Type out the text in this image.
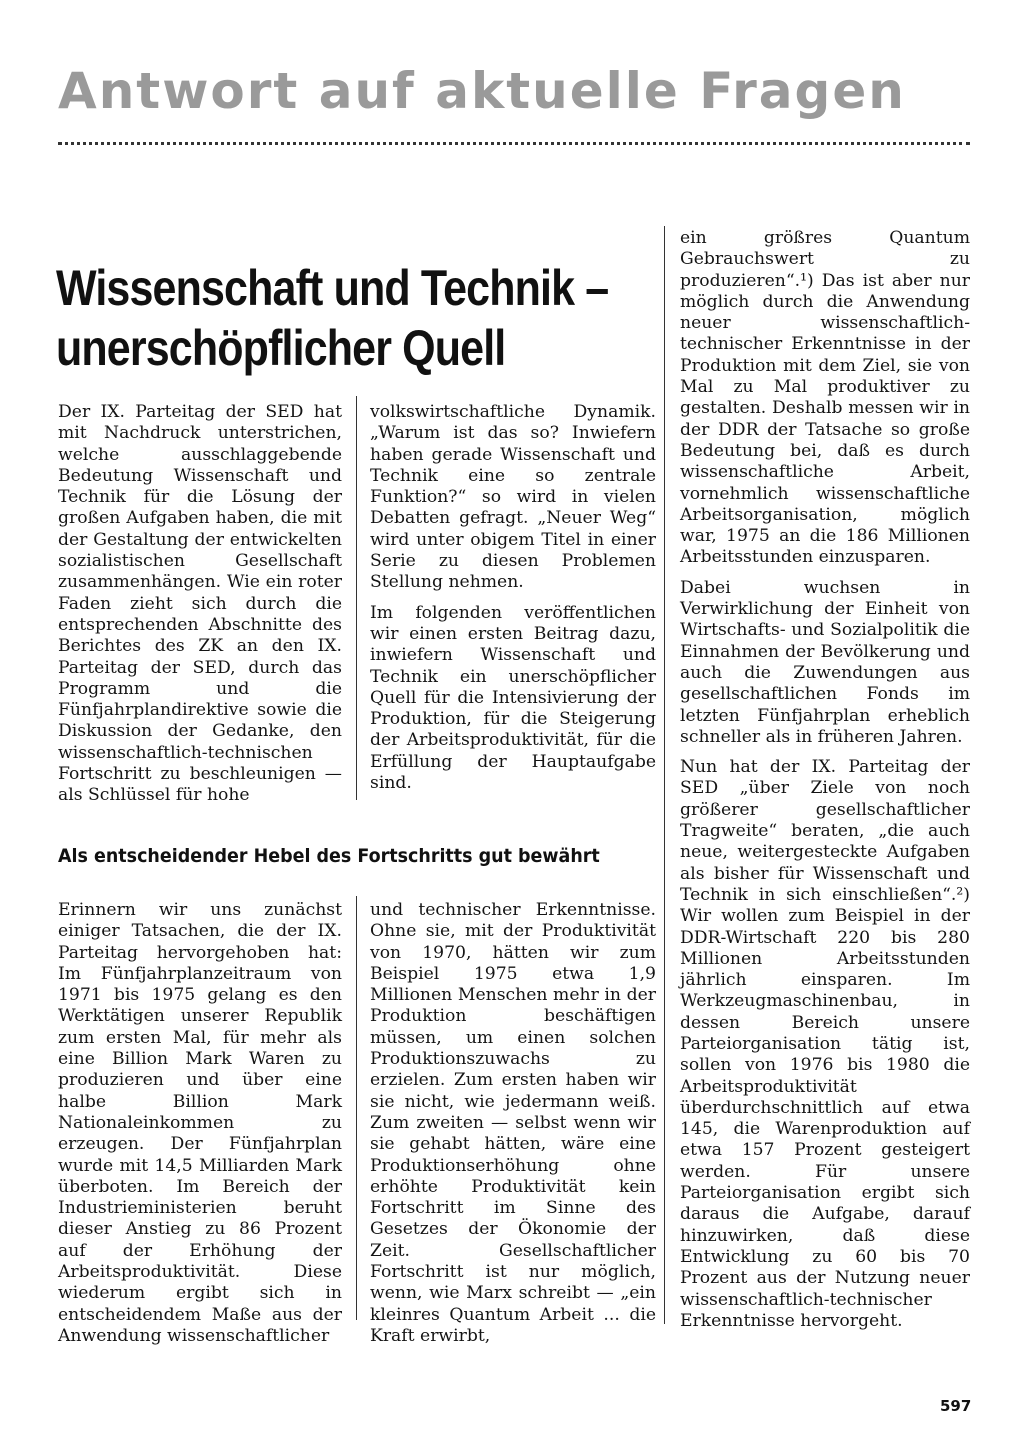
Antwort auf aktuelle Fragen
Wissenschaft und Technik –
unerschöpflicher Quell

Der IX. Parteitag der SED hat mit Nachdruck unterstrichen, welche ausschlaggebende Bedeutung Wissenschaft und Technik für die Lösung der großen Aufgaben haben, die mit der Gestaltung der entwickelten sozialistischen Gesellschaft zusammenhängen. Wie ein roter Faden zieht sich durch die entsprechenden Abschnitte des Berichtes des ZK an den IX. Parteitag der SED, durch das Programm und die Fünfjahrplandirektive sowie die Diskussion der Gedanke, den wissenschaftlich-technischen Fortschritt zu beschleunigen — als Schlüssel für hohe

volkswirtschaftliche Dynamik. „Warum ist das so? Inwiefern haben gerade Wissenschaft und Technik eine so zentrale Funktion?“ so wird in vielen Debatten gefragt. „Neuer Weg“ wird unter obigem Titel in einer Serie zu diesen Problemen Stellung nehmen.

Im folgenden veröffentlichen wir einen ersten Beitrag dazu, inwiefern Wissenschaft und Technik ein unerschöpflicher Quell für die Intensivierung der Produktion, für die Steigerung der Arbeitsproduktivität, für die Erfüllung der Hauptaufgabe sind.

Als entscheidender Hebel des Fortschritts gut bewährt

Erinnern wir uns zunächst einiger Tatsachen, die der IX. Parteitag hervorgehoben hat: Im Fünfjahrplanzeitraum von 1971 bis 1975 gelang es den Werktätigen unserer Republik zum ersten Mal, für mehr als eine Billion Mark Waren zu produzieren und über eine halbe Billion Mark Nationaleinkommen zu erzeugen. Der Fünfjahrplan wurde mit 14,5 Milliarden Mark überboten. Im Bereich der Industrieministerien beruht dieser Anstieg zu 86 Prozent auf der Erhöhung der Arbeitsproduktivität. Diese wiederum ergibt sich in entscheidendem Maße aus der Anwendung wissenschaftlicher

und technischer Erkenntnisse. Ohne sie, mit der Produktivität von 1970, hätten wir zum Beispiel 1975 etwa 1,9 Millionen Menschen mehr in der Produktion beschäftigen müssen, um einen solchen Produktionszuwachs zu erzielen. Zum ersten haben wir sie nicht, wie jedermann weiß. Zum zweiten — selbst wenn wir sie gehabt hätten, wäre eine Produktionserhöhung ohne erhöhte Produktivität kein Fortschritt im Sinne des Gesetzes der Ökonomie der Zeit. Gesellschaftlicher Fortschritt ist nur möglich, wenn, wie Marx schreibt — „ein kleinres Quantum Arbeit ... die Kraft erwirbt,

ein größres Quantum Gebrauchswert zu produzieren“.¹) Das ist aber nur möglich durch die Anwendung neuer wissenschaftlich-technischer Erkenntnisse in der Produktion mit dem Ziel, sie von Mal zu Mal produktiver zu gestalten. Deshalb messen wir in der DDR der Tatsache so große Bedeutung bei, daß es durch wissenschaftliche Arbeit, vornehmlich wissenschaftliche Arbeitsorganisation, möglich war, 1975 an die 186 Millionen Arbeitsstunden einzusparen.

Dabei wuchsen in Verwirklichung der Einheit von Wirtschafts- und Sozialpolitik die Einnahmen der Bevölkerung und auch die Zuwendungen aus gesellschaftlichen Fonds im letzten Fünfjahrplan erheblich schneller als in früheren Jahren.

Nun hat der IX. Parteitag der SED „über Ziele von noch größerer gesellschaftlicher Tragweite“ beraten, „die auch neue, weitergesteckte Aufgaben als bisher für Wissenschaft und Technik in sich einschließen“.²) Wir wollen zum Beispiel in der DDR-Wirtschaft 220 bis 280 Millionen Arbeitsstunden jährlich einsparen. Im Werkzeugmaschinenbau, in dessen Bereich unsere Parteiorganisation tätig ist, sollen von 1976 bis 1980 die Arbeitsproduktivität überdurchschnittlich auf etwa 145, die Warenproduktion auf etwa 157 Prozent gesteigert werden. Für unsere Parteiorganisation ergibt sich daraus die Aufgabe, darauf hinzuwirken, daß diese Entwicklung zu 60 bis 70 Prozent aus der Nutzung neuer wissenschaftlich-technischer Erkenntnisse hervorgeht.

597
